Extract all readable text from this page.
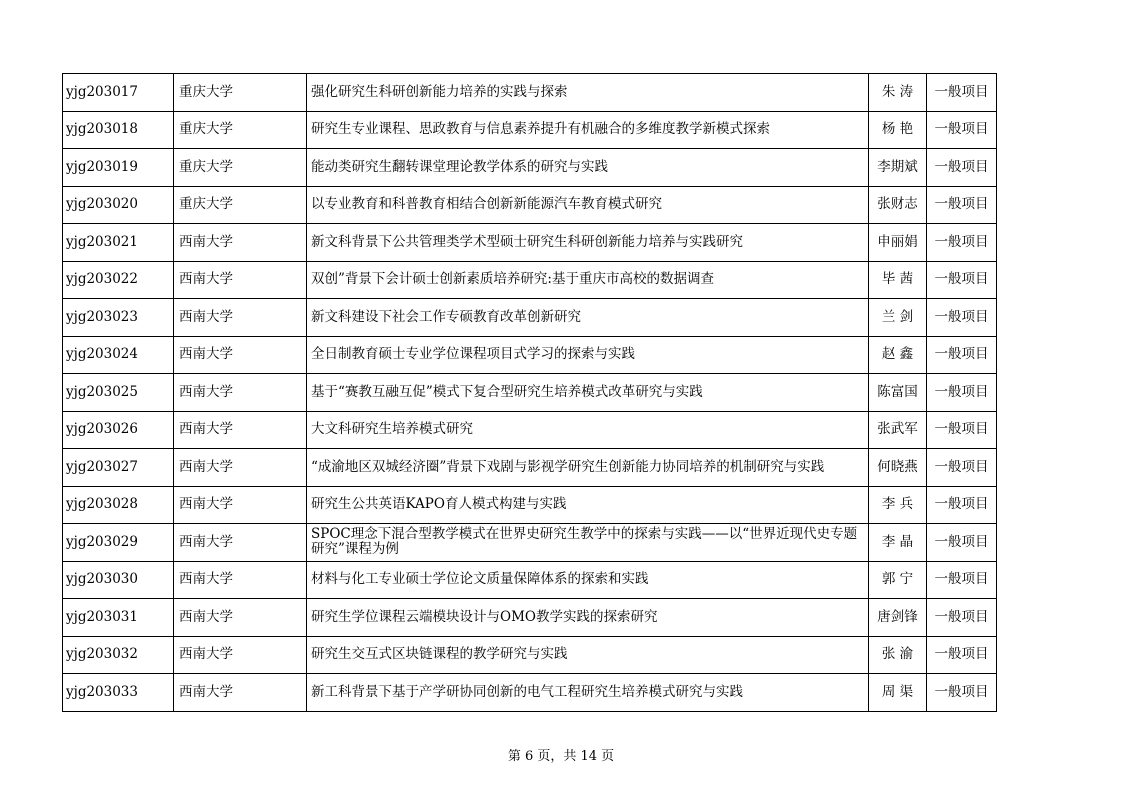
yjg203017	重庆大学	强化研究生科研创新能力培养的实践与探索	朱 涛	一般项目
yjg203018	重庆大学	研究生专业课程、思政教育与信息素养提升有机融合的多维度教学新模式探索	杨 艳	一般项目
yjg203019	重庆大学	能动类研究生翻转课堂理论教学体系的研究与实践	李期斌	一般项目
yjg203020	重庆大学	以专业教育和科普教育相结合创新新能源汽车教育模式研究	张财志	一般项目
yjg203021	西南大学	新文科背景下公共管理类学术型硕士研究生科研创新能力培养与实践研究	申丽娟	一般项目
yjg203022	西南大学	双创”背景下会计硕士创新素质培养研究:基于重庆市高校的数据调查	毕 茜	一般项目
yjg203023	西南大学	新文科建设下社会工作专硕教育改革创新研究	兰 剑	一般项目
yjg203024	西南大学	全日制教育硕士专业学位课程项目式学习的探索与实践	赵 鑫	一般项目
yjg203025	西南大学	基于“赛教互融互促”模式下复合型研究生培养模式改革研究与实践	陈富国	一般项目
yjg203026	西南大学	大文科研究生培养模式研究	张武军	一般项目
yjg203027	西南大学	“成渝地区双城经济圈”背景下戏剧与影视学研究生创新能力协同培养的机制研究与实践	何晓燕	一般项目
yjg203028	西南大学	研究生公共英语KAPO育人模式构建与实践	李 兵	一般项目
yjg203029	西南大学	SPOC理念下混合型教学模式在世界史研究生教学中的探索与实践——以“世界近现代史专题研究”课程为例	李 晶	一般项目
yjg203030	西南大学	材料与化工专业硕士学位论文质量保障体系的探索和实践	郭 宁	一般项目
yjg203031	西南大学	研究生学位课程云端模块设计与OMO教学实践的探索研究	唐剑锋	一般项目
yjg203032	西南大学	研究生交互式区块链课程的教学研究与实践	张 渝	一般项目
yjg203033	西南大学	新工科背景下基于产学研协同创新的电气工程研究生培养模式研究与实践	周 渠	一般项目
第 6 页，共 14 页
